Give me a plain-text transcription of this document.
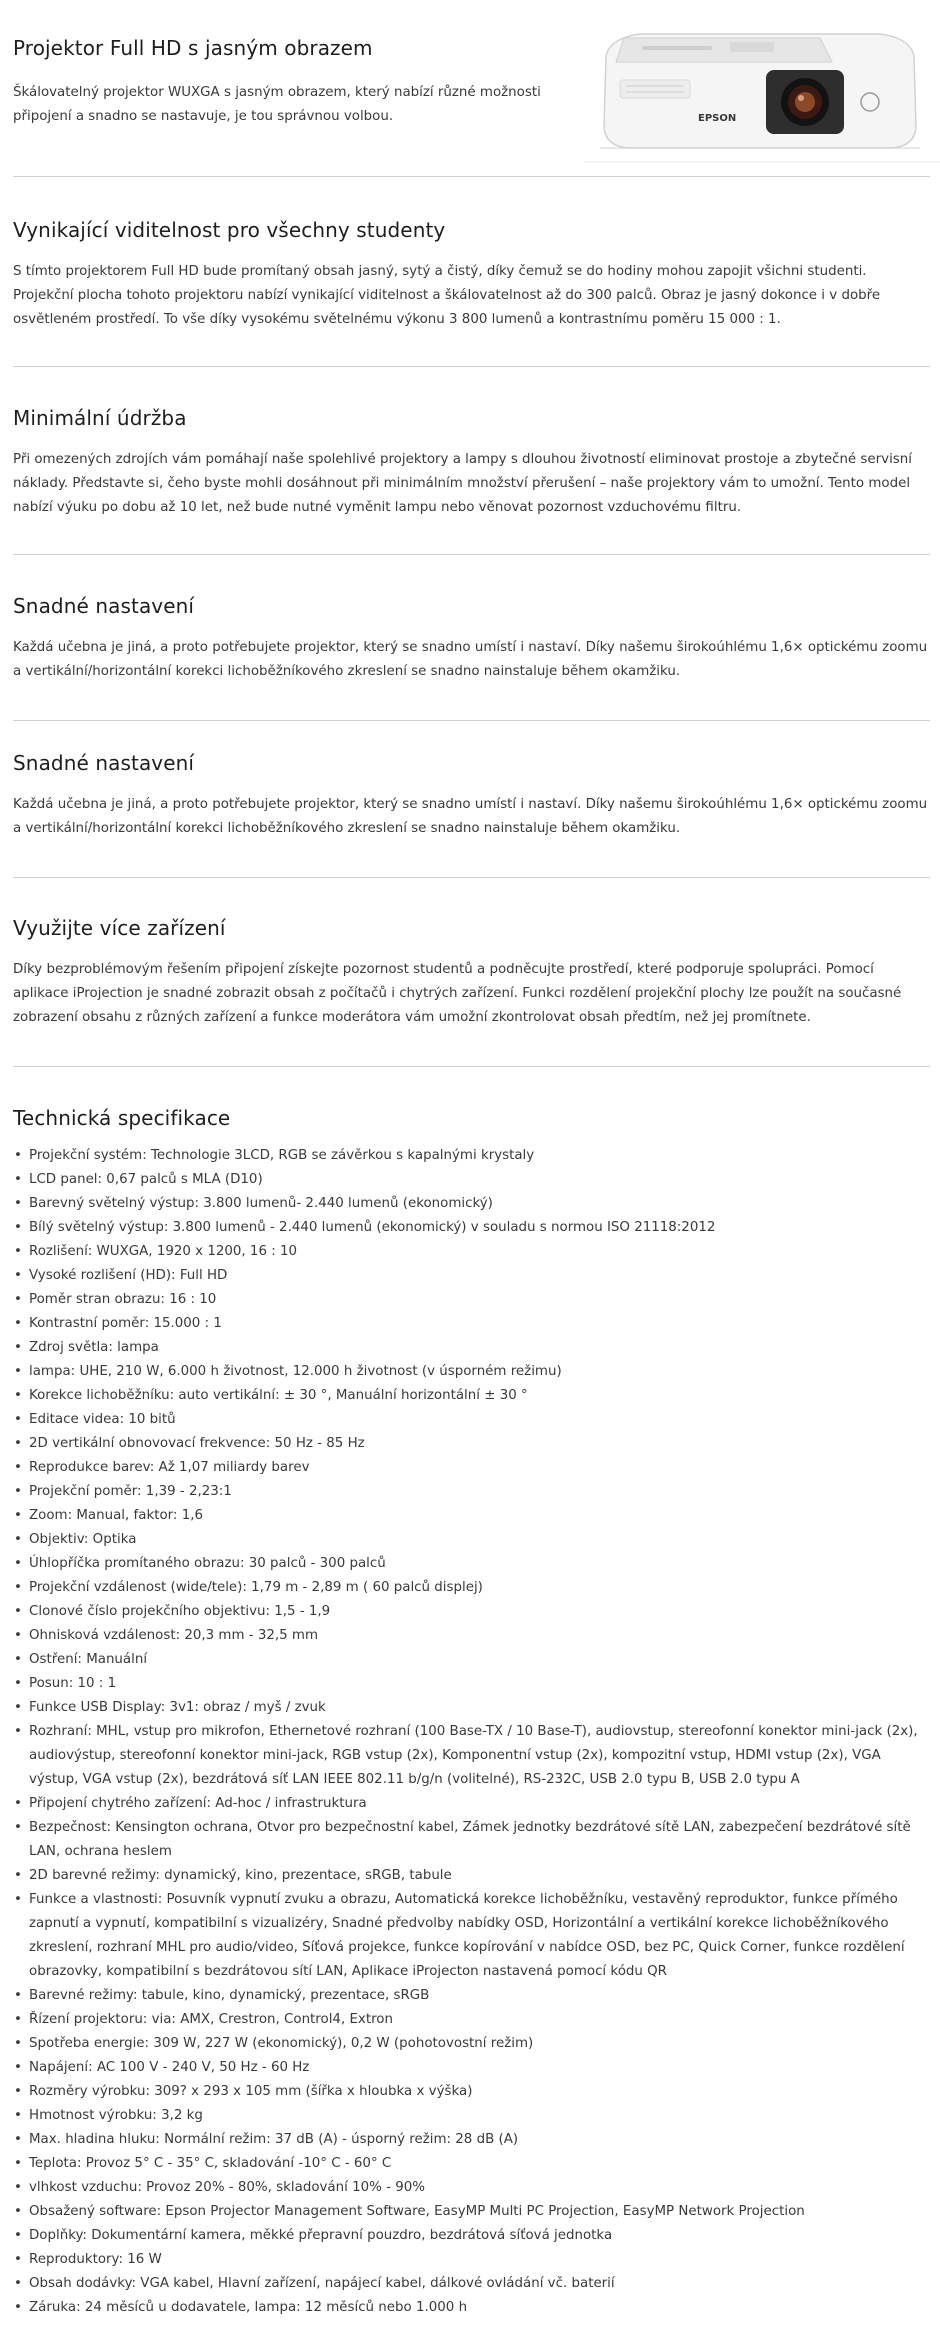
Projektor Full HD s jasným obrazem

Škálovatelný projektor WUXGA s jasným obrazem, který nabízí různé možnosti připojení a snadno se nastavuje, je tou správnou volbou.	EPSON
Vynikající viditelnost pro všechny studenty

S tímto projektorem Full HD bude promítaný obsah jasný, sytý a čistý, díky čemuž se do hodiny mohou zapojit všichni studenti. Projekční plocha tohoto projektoru nabízí vynikající viditelnost a škálovatelnost až do 300 palců. Obraz je jasný dokonce i v dobře osvětleném prostředí. To vše díky vysokému světelnému výkonu 3 800 lumenů a kontrastnímu poměru 15 000 : 1.

Minimální údržba

Při omezených zdrojích vám pomáhají naše spolehlivé projektory a lampy s dlouhou životností eliminovat prostoje a zbytečné servisní náklady. Představte si, čeho byste mohli dosáhnout při minimálním množství přerušení – naše projektory vám to umožní. Tento model nabízí výuku po dobu až 10 let, než bude nutné vyměnit lampu nebo věnovat pozornost vzduchovému filtru.

Snadné nastavení

Každá učebna je jiná, a proto potřebujete projektor, který se snadno umístí i nastaví. Díky našemu širokoúhlému 1,6× optickému zoomu a vertikální/horizontální korekci lichoběžníkového zkreslení se snadno nainstaluje během okamžiku.

Snadné nastavení

Každá učebna je jiná, a proto potřebujete projektor, který se snadno umístí i nastaví. Díky našemu širokoúhlému 1,6× optickému zoomu a vertikální/horizontální korekci lichoběžníkového zkreslení se snadno nainstaluje během okamžiku.

Využijte více zařízení

Díky bezproblémovým řešením připojení získejte pozornost studentů a podněcujte prostředí, které podporuje spolupráci. Pomocí aplikace iProjection je snadné zobrazit obsah z počítačů i chytrých zařízení. Funkci rozdělení projekční plochy lze použít na současné zobrazení obsahu z různých zařízení a funkce moderátora vám umožní zkontrolovat obsah předtím, než jej promítnete.

Technická specifikace
• Projekční systém: Technologie 3LCD, RGB se závěrkou s kapalnými krystaly
• LCD panel: 0,67 palců s MLA (D10)
• Barevný světelný výstup: 3.800 lumenů- 2.440 lumenů (ekonomický)
• Bílý světelný výstup: 3.800 lumenů - 2.440 lumenů (ekonomický) v souladu s normou ISO 21118:2012
• Rozlišení: WUXGA, 1920 x 1200, 16 : 10
• Vysoké rozlišení (HD): Full HD
• Poměr stran obrazu: 16 : 10
• Kontrastní poměr: 15.000 : 1
• Zdroj světla: lampa
• lampa: UHE, 210 W, 6.000 h životnost, 12.000 h životnost (v úsporném režimu)
• Korekce lichoběžníku: auto vertikální: ± 30 °, Manuální horizontální ± 30 °
• Editace videa: 10 bitů
• 2D vertikální obnovovací frekvence: 50 Hz - 85 Hz
• Reprodukce barev: Až 1,07 miliardy barev
• Projekční poměr: 1,39 - 2,23:1
• Zoom: Manual, faktor: 1,6
• Objektiv: Optika
• Úhlopříčka promítaného obrazu: 30 palců - 300 palců
• Projekční vzdálenost (wide/tele): 1,79 m - 2,89 m ( 60 palců displej)
• Clonové číslo projekčního objektivu: 1,5 - 1,9
• Ohnisková vzdálenost: 20,3 mm - 32,5 mm
• Ostření: Manuální
• Posun: 10 : 1
• Funkce USB Display: 3v1: obraz / myš / zvuk
• Rozhraní: MHL, vstup pro mikrofon, Ethernetové rozhraní (100 Base-TX / 10 Base-T), audiovstup, stereofonní konektor mini-jack (2x), audiovýstup, stereofonní konektor mini-jack, RGB vstup (2x), Komponentní vstup (2x), kompozitní vstup, HDMI vstup (2x), VGA výstup, VGA vstup (2x), bezdrátová síť LAN IEEE 802.11 b/g/n (volitelné), RS-232C, USB 2.0 typu B, USB 2.0 typu A
• Připojení chytrého zařízení: Ad-hoc / infrastruktura
• Bezpečnost: Kensington ochrana, Otvor pro bezpečnostní kabel, Zámek jednotky bezdrátové sítě LAN, zabezpečení bezdrátové sítě LAN, ochrana heslem
• 2D barevné režimy: dynamický, kino, prezentace, sRGB, tabule
• Funkce a vlastnosti: Posuvník vypnutí zvuku a obrazu, Automatická korekce lichoběžníku, vestavěný reproduktor, funkce přímého zapnutí a vypnutí, kompatibilní s vizualizéry, Snadné předvolby nabídky OSD, Horizontální a vertikální korekce lichoběžníkového zkreslení, rozhraní MHL pro audio/video, Síťová projekce, funkce kopírování v nabídce OSD, bez PC, Quick Corner, funkce rozdělení obrazovky, kompatibilní s bezdrátovou sítí LAN, Aplikace iProjecton nastavená pomocí kódu QR
• Barevné režimy: tabule, kino, dynamický, prezentace, sRGB
• Řízení projektoru: via: AMX, Crestron, Control4, Extron
• Spotřeba energie: 309 W, 227 W (ekonomický), 0,2 W (pohotovostní režim)
• Napájení: AC 100 V - 240 V, 50 Hz - 60 Hz
• Rozměry výrobku: 309? x 293 x 105 mm (šířka x hloubka x výška)
• Hmotnost výrobku: 3,2 kg
• Max. hladina hluku: Normální režim: 37 dB (A) - úsporný režim: 28 dB (A)
• Teplota: Provoz 5° C - 35° C, skladování -10° C - 60° C
• vlhkost vzduchu: Provoz 20% - 80%, skladování 10% - 90%
• Obsažený software: Epson Projector Management Software, EasyMP Multi PC Projection, EasyMP Network Projection
• Doplňky: Dokumentární kamera, měkké přepravní pouzdro, bezdrátová síťová jednotka
• Reproduktory: 16 W
• Obsah dodávky: VGA kabel, Hlavní zařízení, napájecí kabel, dálkové ovládání vč. baterií
• Záruka: 24 měsíců u dodavatele, lampa: 12 měsíců nebo 1.000 h
